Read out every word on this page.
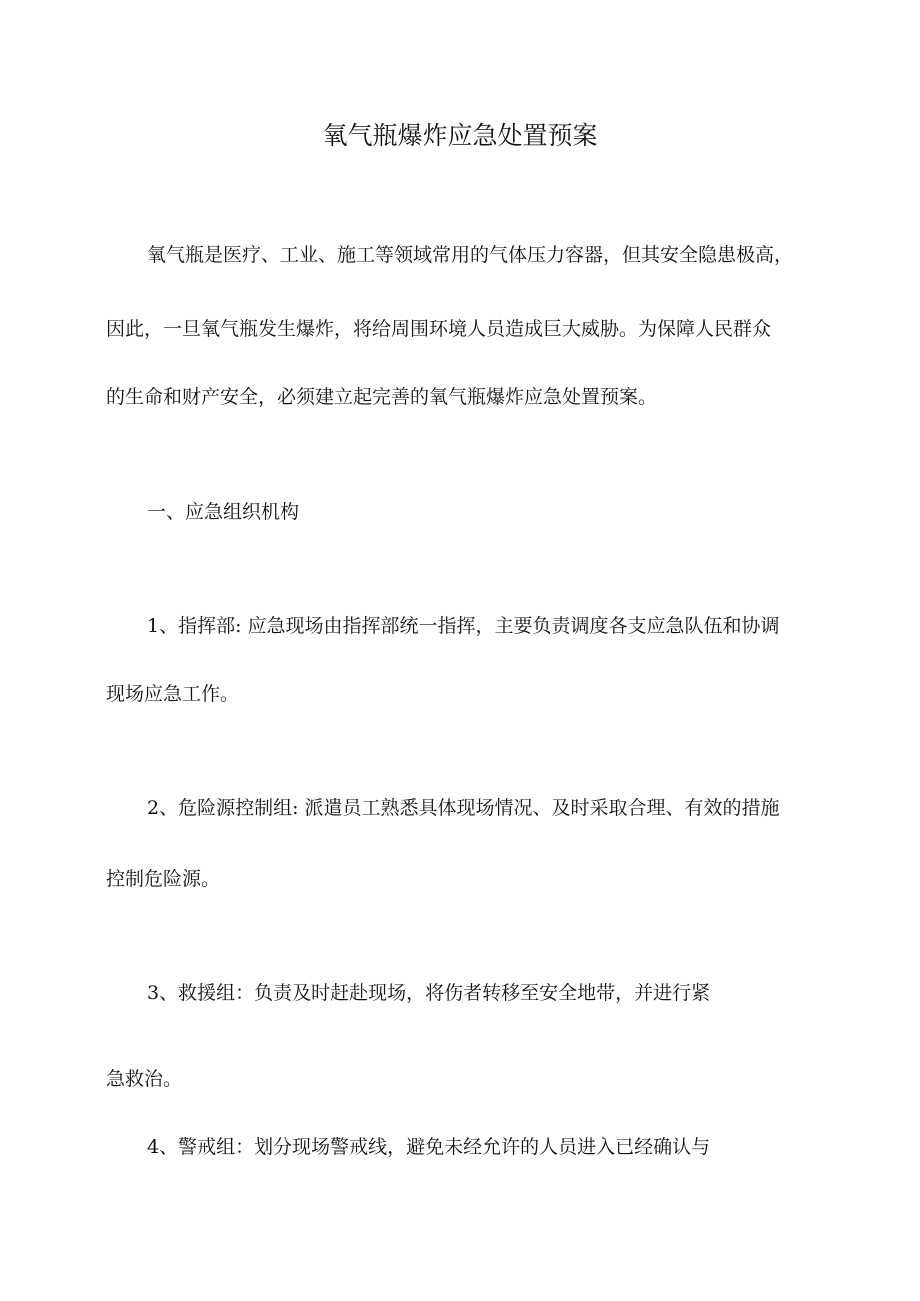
氧气瓶爆炸应急处置预案
氧气瓶是医疗、工业、施工等领域常用的气体压力容器，但其安全隐患极高，
因此，一旦氧气瓶发生爆炸，将给周围环境人员造成巨大威胁。为保障人民群众
的生命和财产安全，必须建立起完善的氧气瓶爆炸应急处置预案。
一、应急组织机构
1、指挥部: 应急现场由指挥部统一指挥，主要负责调度各支应急队伍和协调
现场应急工作。
2、危险源控制组: 派遣员工熟悉具体现场情况、及时采取合理、有效的措施
控制危险源。
3、救援组：负责及时赶赴现场，将伤者转移至安全地带，并进行紧
急救治。
4、警戒组：划分现场警戒线，避免未经允许的人员进入已经确认与
